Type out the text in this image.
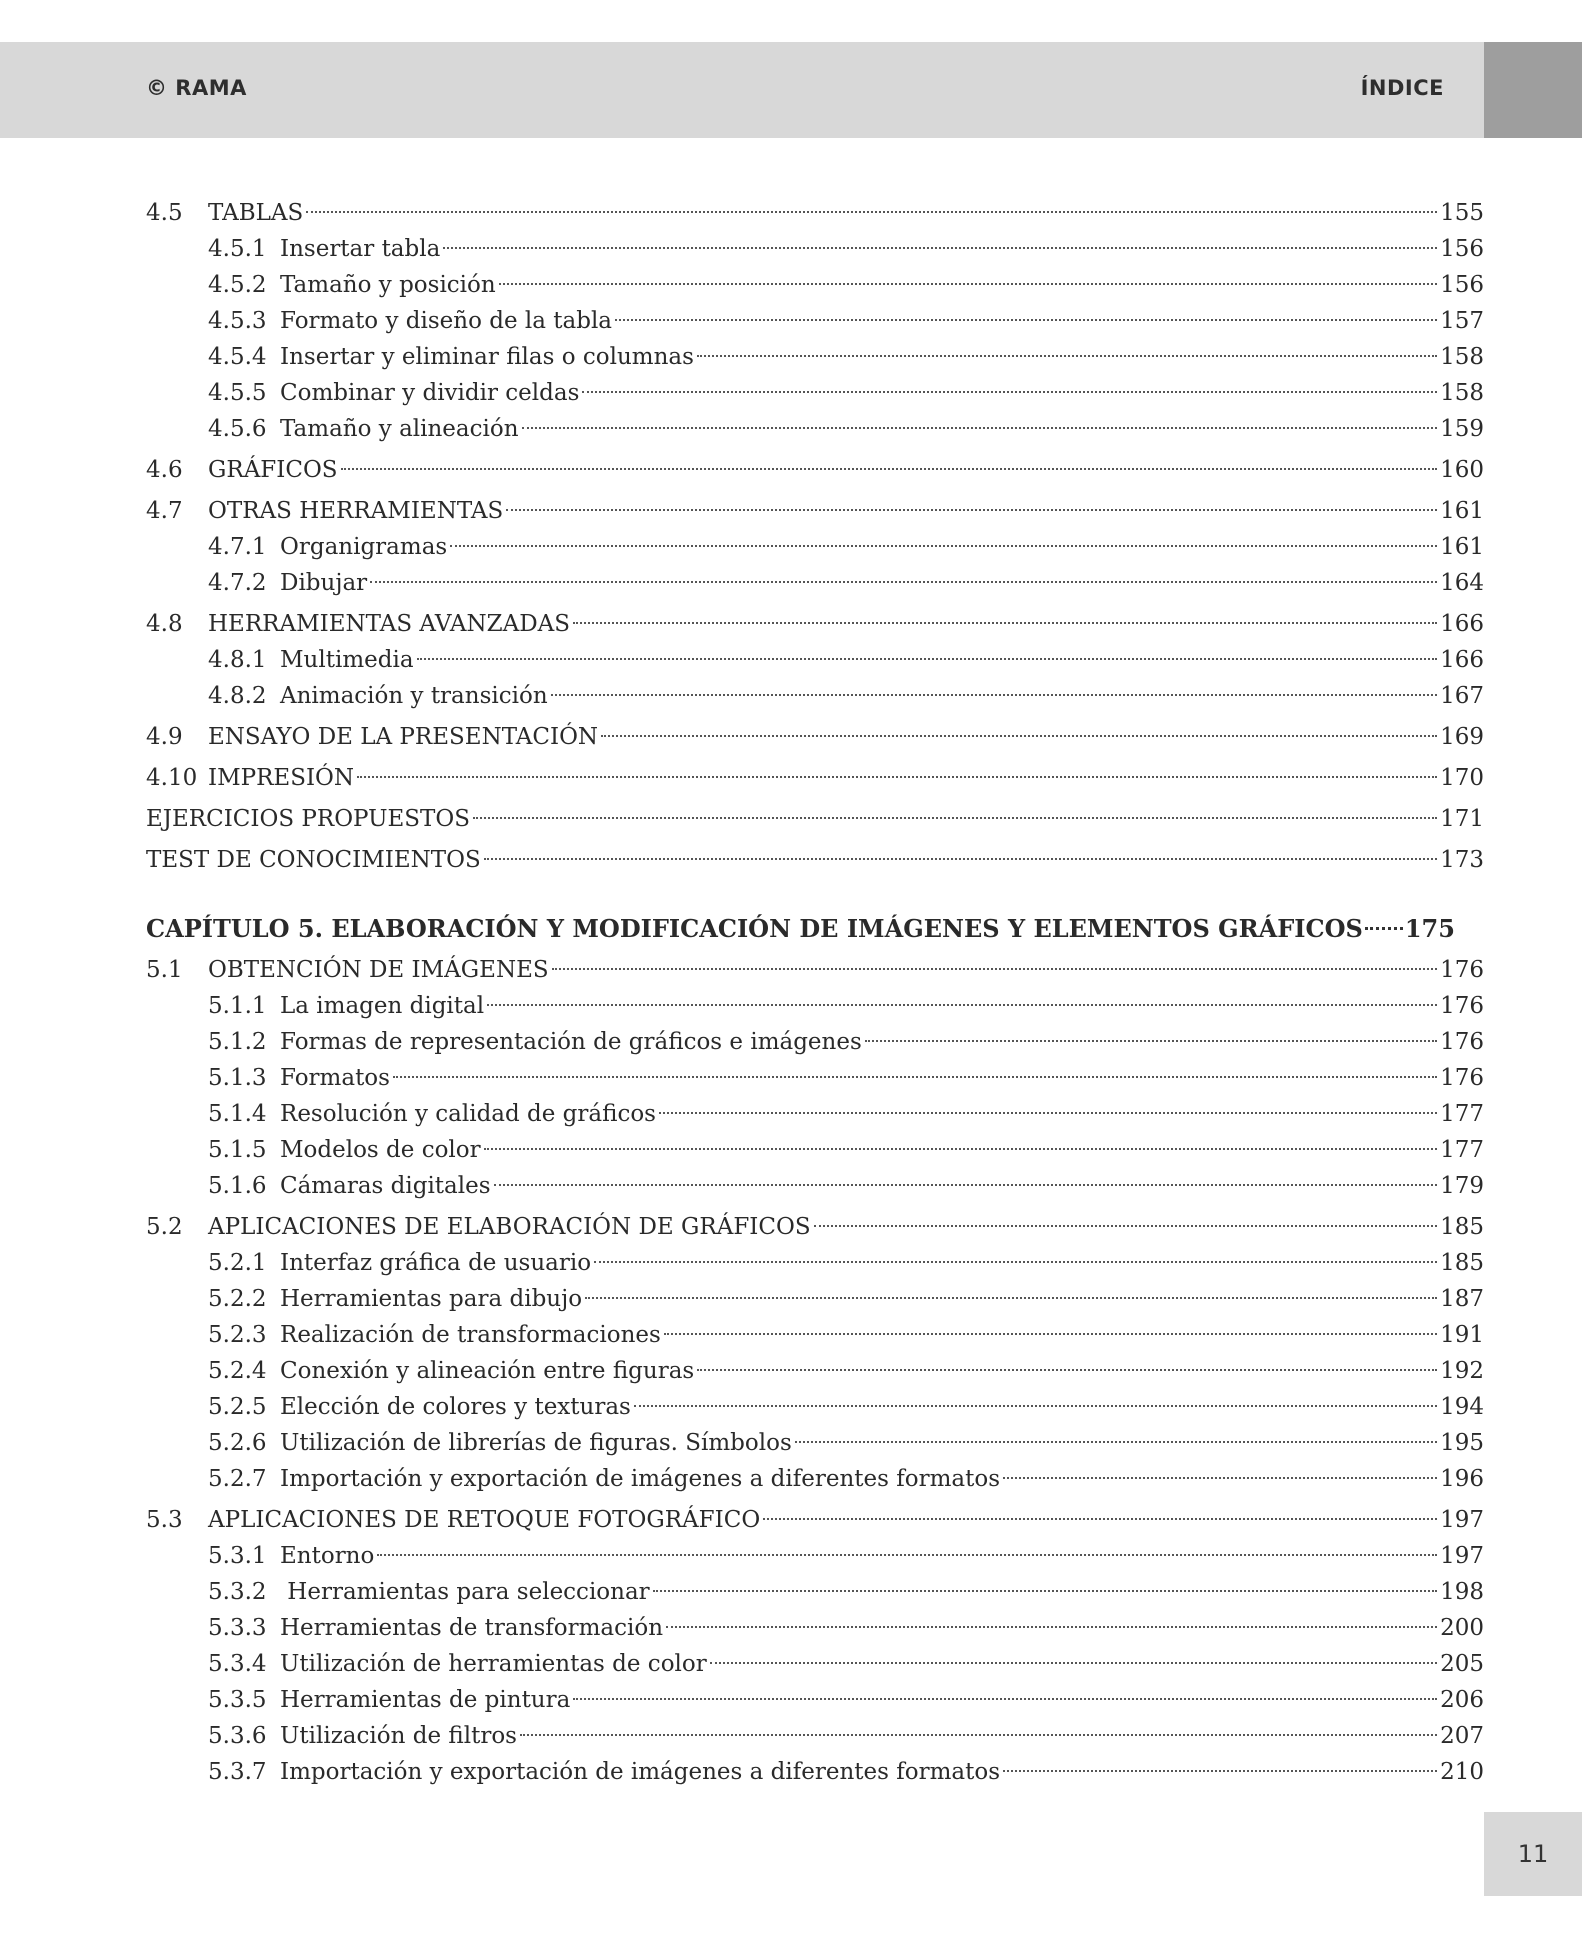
© RAMA	ÍNDICE
4.5	TABLAS	155
4.5.1 Insertar tabla	156
4.5.2 Tamaño y posición	156
4.5.3 Formato y diseño de la tabla	157
4.5.4 Insertar y eliminar filas o columnas	158
4.5.5 Combinar y dividir celdas	158
4.5.6 Tamaño y alineación	159
4.6	GRÁFICOS	160
4.7	OTRAS HERRAMIENTAS	161
4.7.1 Organigramas	161
4.7.2 Dibujar	164
4.8	HERRAMIENTAS AVANZADAS	166
4.8.1 Multimedia	166
4.8.2 Animación y transición	167
4.9	ENSAYO DE LA PRESENTACIÓN	169
4.10 IMPRESIÓN	170
EJERCICIOS PROPUESTOS	171
TEST DE CONOCIMIENTOS	173
CAPÍTULO 5. ELABORACIÓN Y MODIFICACIÓN DE IMÁGENES Y ELEMENTOS GRÁFICOS 175
5.1	OBTENCIÓN DE IMÁGENES	176
5.1.1 La imagen digital	176
5.1.2 Formas de representación de gráficos e imágenes	176
5.1.3 Formatos	176
5.1.4 Resolución y calidad de gráficos	177
5.1.5 Modelos de color	177
5.1.6 Cámaras digitales	179
5.2	APLICACIONES DE ELABORACIÓN DE GRÁFICOS	185
5.2.1 Interfaz gráfica de usuario	185
5.2.2 Herramientas para dibujo	187
5.2.3 Realización de transformaciones	191
5.2.4 Conexión y alineación entre figuras	192
5.2.5 Elección de colores y texturas	194
5.2.6 Utilización de librerías de figuras. Símbolos	195
5.2.7 Importación y exportación de imágenes a diferentes formatos	196
5.3	APLICACIONES DE RETOQUE FOTOGRÁFICO	197
5.3.1 Entorno	197
5.3.2 Herramientas para seleccionar	198
5.3.3 Herramientas de transformación	200
5.3.4 Utilización de herramientas de color	205
5.3.5 Herramientas de pintura	206
5.3.6 Utilización de filtros	207
5.3.7 Importación y exportación de imágenes a diferentes formatos	210
11
